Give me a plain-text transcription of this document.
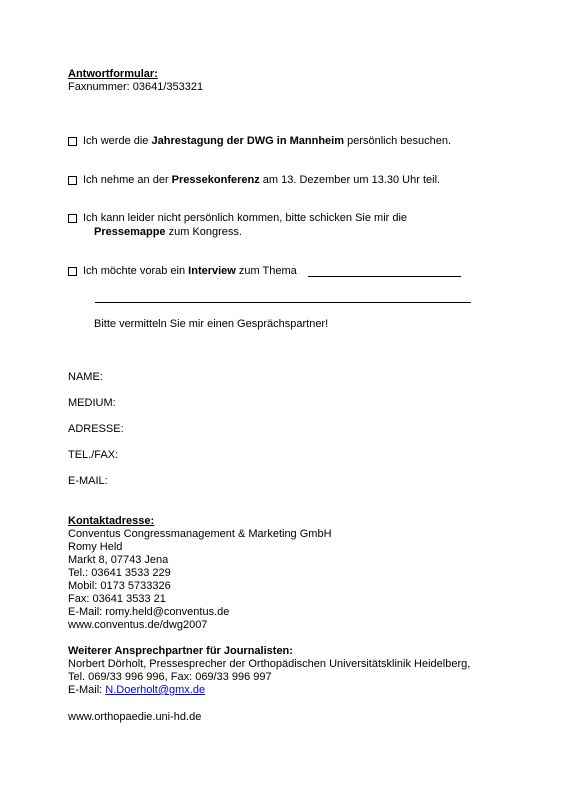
Antwortformular:
Faxnummer: 03641/353321
Ich werde die Jahrestagung der DWG in Mannheim persönlich besuchen.
Ich nehme an der Pressekonferenz am 13. Dezember um 13.30 Uhr teil.
Ich kann leider nicht persönlich kommen, bitte schicken Sie mir die
Pressemappe zum Kongress.
Ich möchte vorab ein Interview zum Thema
Bitte vermitteln Sie mir einen Gesprächspartner!
NAME:
MEDIUM:
ADRESSE:
TEL./FAX:
E-MAIL:
Kontaktadresse:
Conventus Congressmanagement & Marketing GmbH
Romy Held
Markt 8, 07743 Jena
Tel.: 03641 3533 229
Mobil: 0173 5733326
Fax: 03641 3533 21
E-Mail: romy.held@conventus.de
www.conventus.de/dwg2007
Weiterer Ansprechpartner für Journalisten:
Norbert Dörholt, Pressesprecher der Orthopädischen Universitätsklinik Heidelberg,
Tel. 069/33 996 996, Fax: 069/33 996 997
E-Mail: N.Doerholt@gmx.de
www.orthopaedie.uni-hd.de
